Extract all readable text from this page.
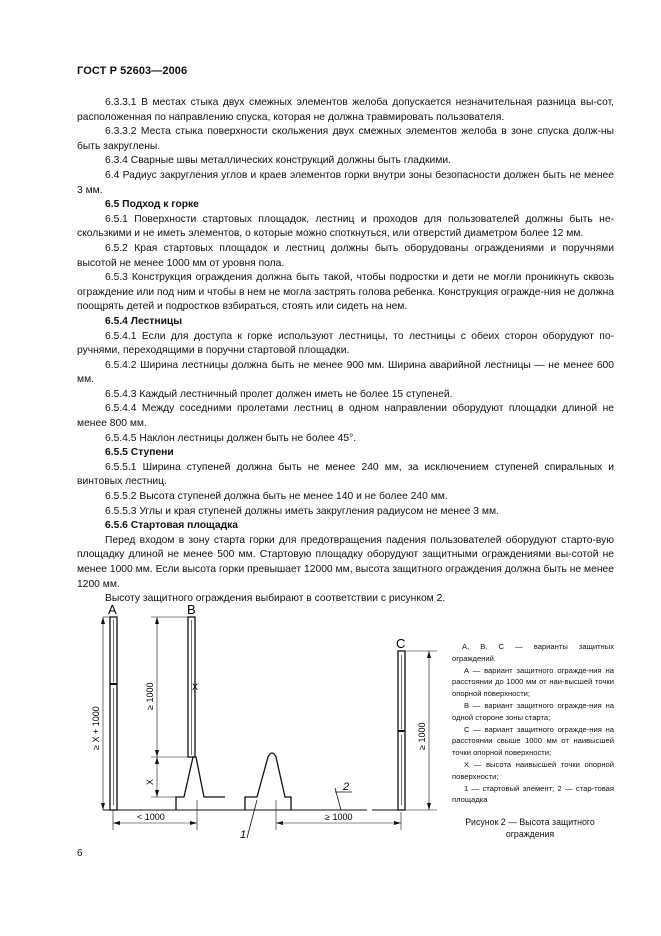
ГОСТ Р 52603—2006

6.3.3.1 В местах стыка двух смежных элементов желоба допускается незначительная разница вы-сот, расположенная по направлению спуска, которая не должна травмировать пользователя.

6.3.3.2 Места стыка поверхности скольжения двух смежных элементов желоба в зоне спуска долж-ны быть закруглены.

6.3.4 Сварные швы металлических конструкций должны быть гладкими.

6.4 Радиус закругления углов и краев элементов горки внутри зоны безопасности должен быть не менее 3 мм.

6.5 Подход к горке

6.5.1 Поверхности стартовых площадок, лестниц и проходов для пользователей должны быть не-скользкими и не иметь элементов, о которые можно споткнуться, или отверстий диаметром более 12 мм.

6.5.2 Края стартовых площадок и лестниц должны быть оборудованы ограждениями и поручнями высотой не менее 1000 мм от уровня пола.

6.5.3 Конструкция ограждения должна быть такой, чтобы подростки и дети не могли проникнуть сквозь ограждение или под ним и чтобы в нем не могла застрять голова ребенка. Конструкция огражде-ния не должна поощрять детей и подростков взбираться, стоять или сидеть на нем.

6.5.4 Лестницы

6.5.4.1 Если для доступа к горке используют лестницы, то лестницы с обеих сторон оборудуют по-ручнями, переходящими в поручни стартовой площадки.

6.5.4.2 Ширина лестницы должна быть не менее 900 мм. Ширина аварийной лестницы — не менее 600 мм.

6.5.4.3 Каждый лестничный пролет должен иметь не более 15 ступеней.

6.5.4.4 Между соседними пролетами лестниц в одном направлении оборудуют площадки длиной не менее 800 мм.

6.5.4.5 Наклон лестницы должен быть не более 45°.

6.5.5 Ступени

6.5.5.1 Ширина ступеней должна быть не менее 240 мм, за исключением ступеней спиральных и винтовых лестниц.

6.5.5.2 Высота ступеней должна быть не менее 140 и не более 240 мм.

6.5.5.3 Углы и края ступеней должны иметь закругления радиусом не менее 3 мм.

6.5.6 Стартовая площадка

Перед входом в зону старта горки для предотвращения падения пользователей оборудуют старто-вую площадку длиной не менее 500 мм. Стартовую площадку оборудуют защитными ограждениями вы-сотой не менее 1000 мм. Если высота горки превышает 12000 мм, высота защитного ограждения должна быть не менее 1200 мм.

Высоту защитного ограждения выбирают в соответствии с рисунком 2.

A	B
C
≥ X + 1000
≥ 1000
X
≥ 1000
X
< 1000	≥ 1000
1
2

A, B, C — варианты защитных ограждений.

A — вариант защитного огражде-ния на расстоянии до 1000 мм от наи-высшей точки опорной поверхности;

B — вариант защитного огражде-ния на одной стороне зоны старта;

C — вариант защитного огражде-ния на расстоянии свыше 1000 мм от наивысшей точки опорной поверхности;

X — высота наивысшей точки опорной поверхности;

1 — стартовый элемент; 2 — стар-товая площадка

Рисунок 2 — Высота защитного ограждения
6
